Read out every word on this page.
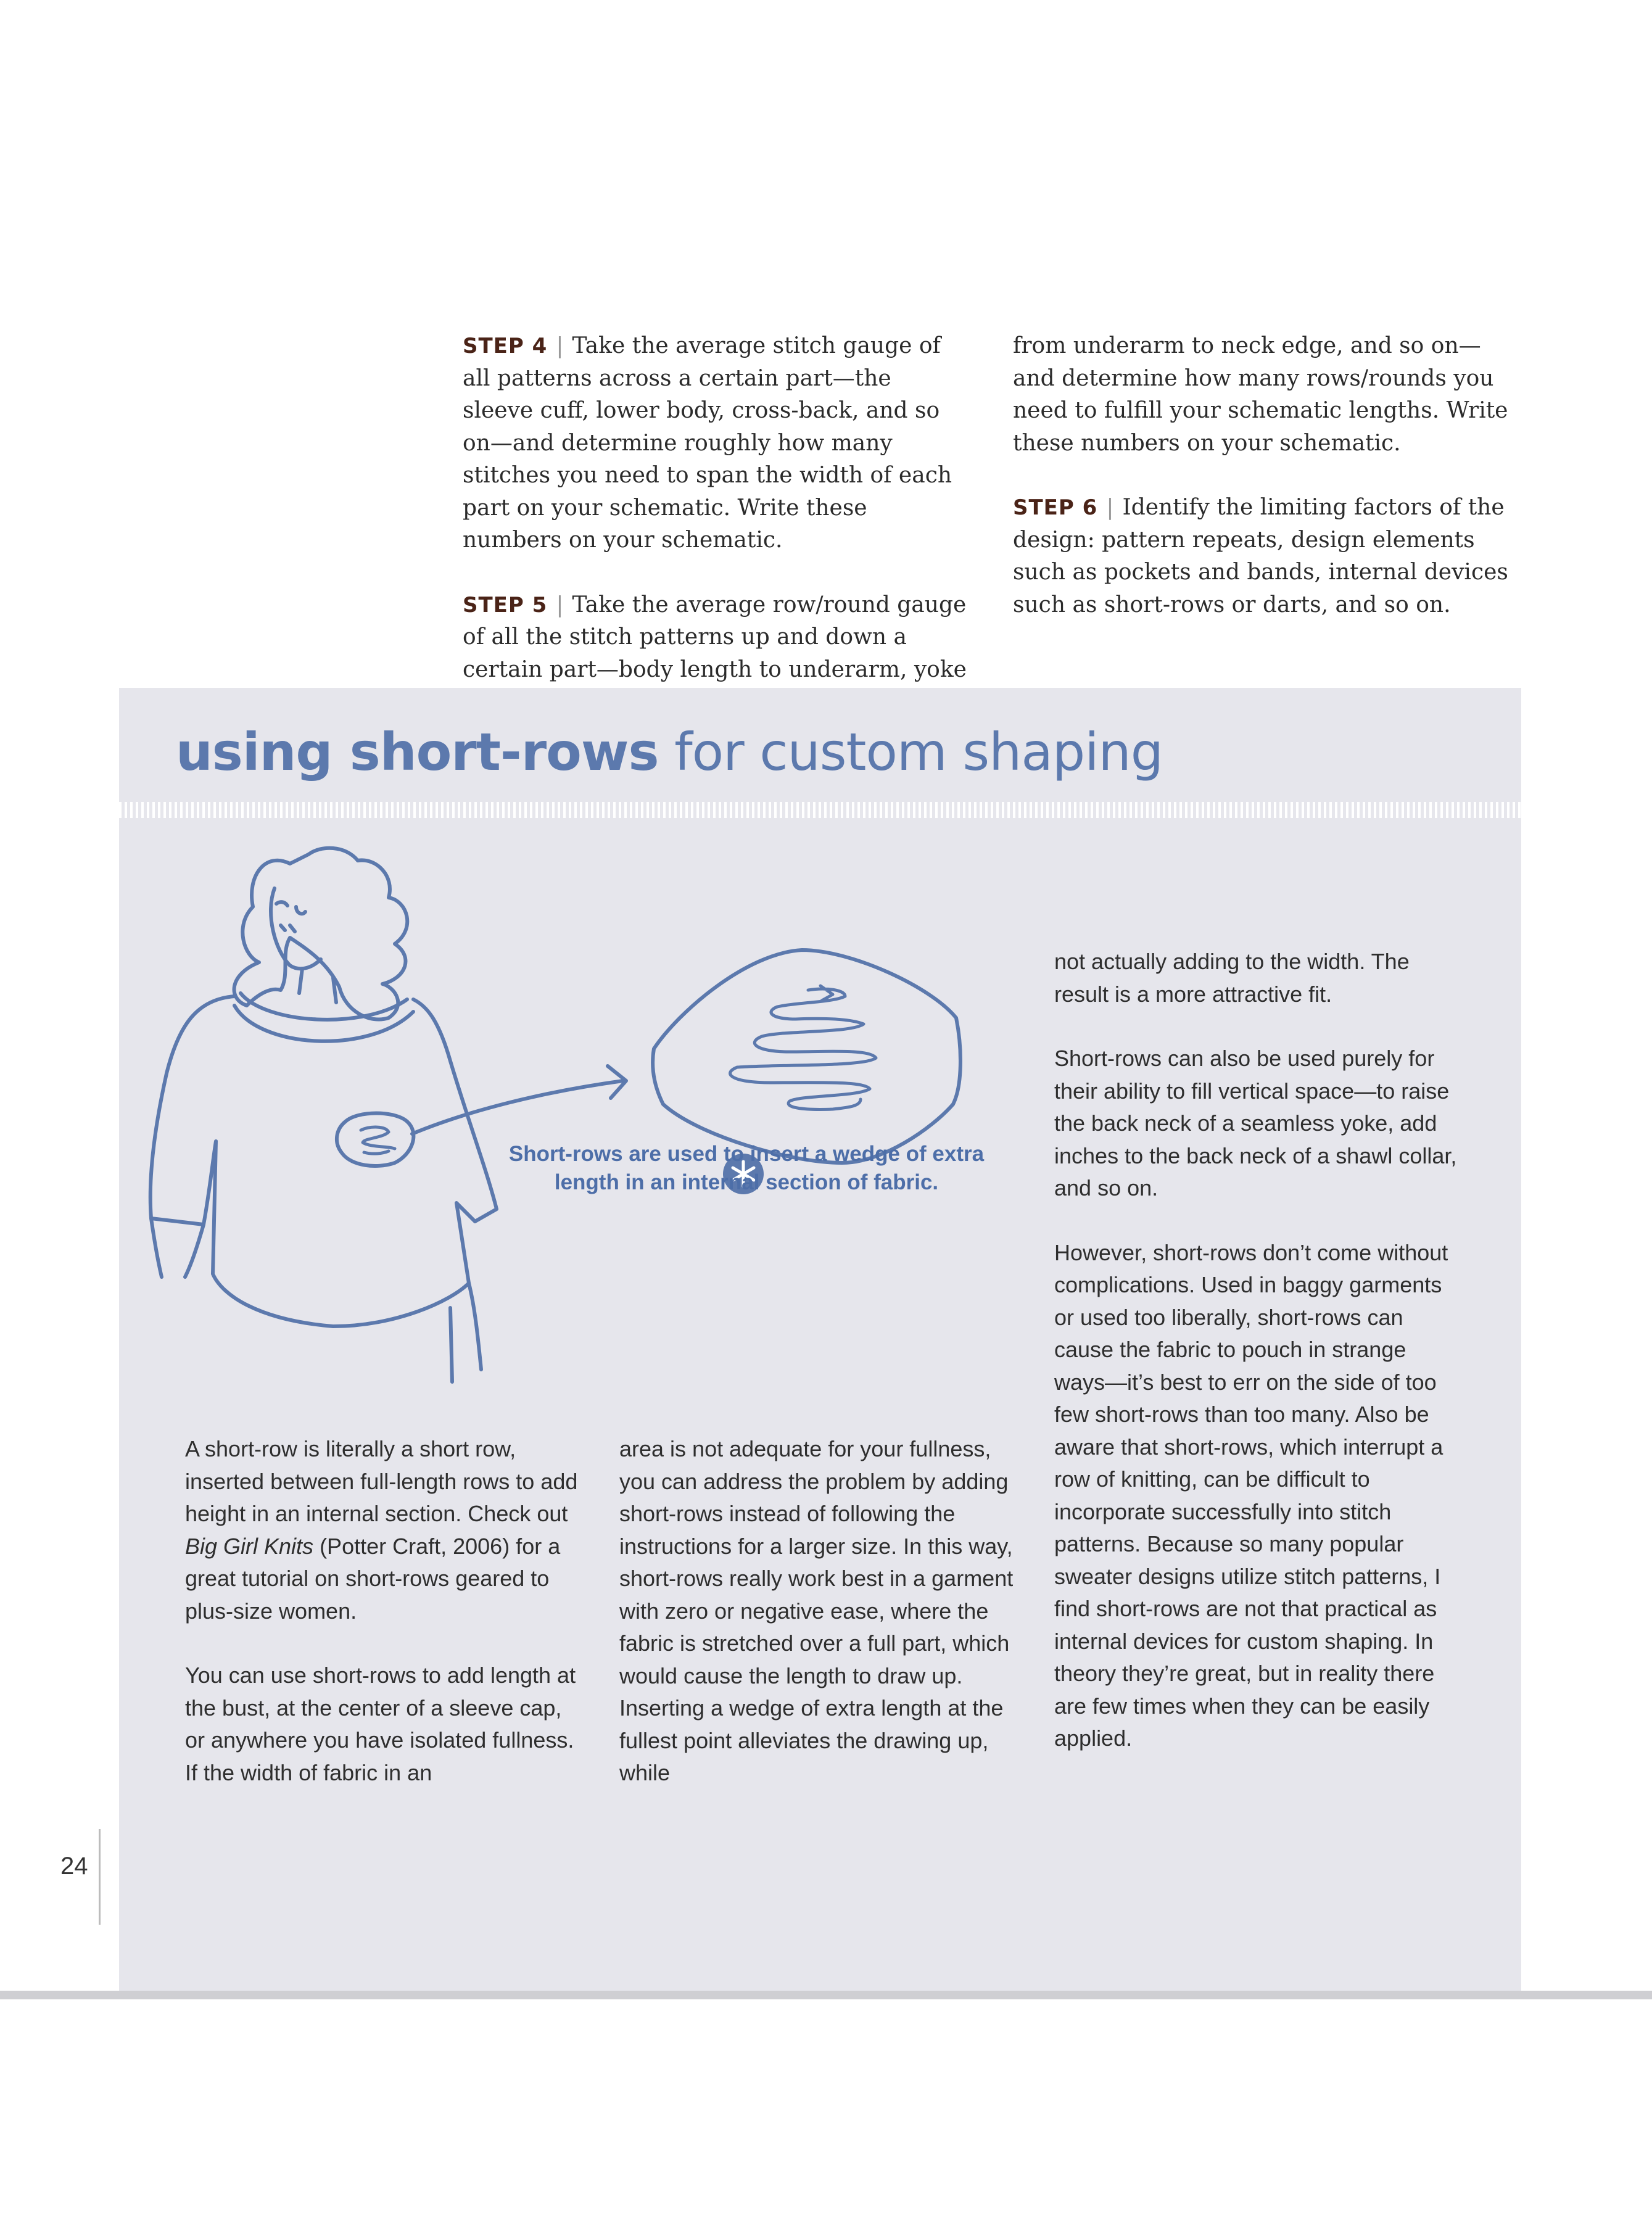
STEP 4 | Take the average stitch gauge of all patterns across a certain part—the sleeve cuff, lower body, cross-back, and so on—and determine roughly how many stitches you need to span the width of each part on your schematic. Write these numbers on your schematic.

STEP 5 | Take the average row/round gauge of all the stitch patterns up and down a certain part—body length to underarm, yoke

from underarm to neck edge, and so on—and determine how many rows/rounds you need to fulfill your schematic lengths. Write these numbers on your schematic.

STEP 6 | Identify the limiting factors of the design: pattern repeats, design elements such as pockets and bands, internal devices such as short-rows or darts, and so on.

using short-rows for custom shaping
Short-rows are used to insert a wedge of extra length in an internal section of fabric.

A short-row is literally a short row, inserted between full-length rows to add height in an internal section. Check out Big Girl Knits (Potter Craft, 2006) for a great tutorial on short-rows geared to plus-size women.

You can use short-rows to add length at the bust, at the center of a sleeve cap, or anywhere you have isolated fullness. If the width of fabric in an

area is not adequate for your fullness, you can address the problem by adding short-rows instead of following the instructions for a larger size. In this way, short-rows really work best in a garment with zero or negative ease, where the fabric is stretched over a full part, which would cause the length to draw up. Inserting a wedge of extra length at the fullest point alleviates the drawing up, while

not actually adding to the width. The result is a more attractive fit.

Short-rows can also be used purely for their ability to fill vertical space—to raise the back neck of a seamless yoke, add inches to the back neck of a shawl collar, and so on.

However, short-rows don’t come without complications. Used in baggy garments or used too liberally, short-rows can cause the fabric to pouch in strange ways—it’s best to err on the side of too few short-rows than too many. Also be aware that short-rows, which interrupt a row of knitting, can be difficult to incorporate successfully into stitch patterns. Because so many popular sweater designs utilize stitch patterns, I find short-rows are not that practical as internal devices for custom shaping. In theory they’re great, but in reality there are few times when they can be easily applied.

24
